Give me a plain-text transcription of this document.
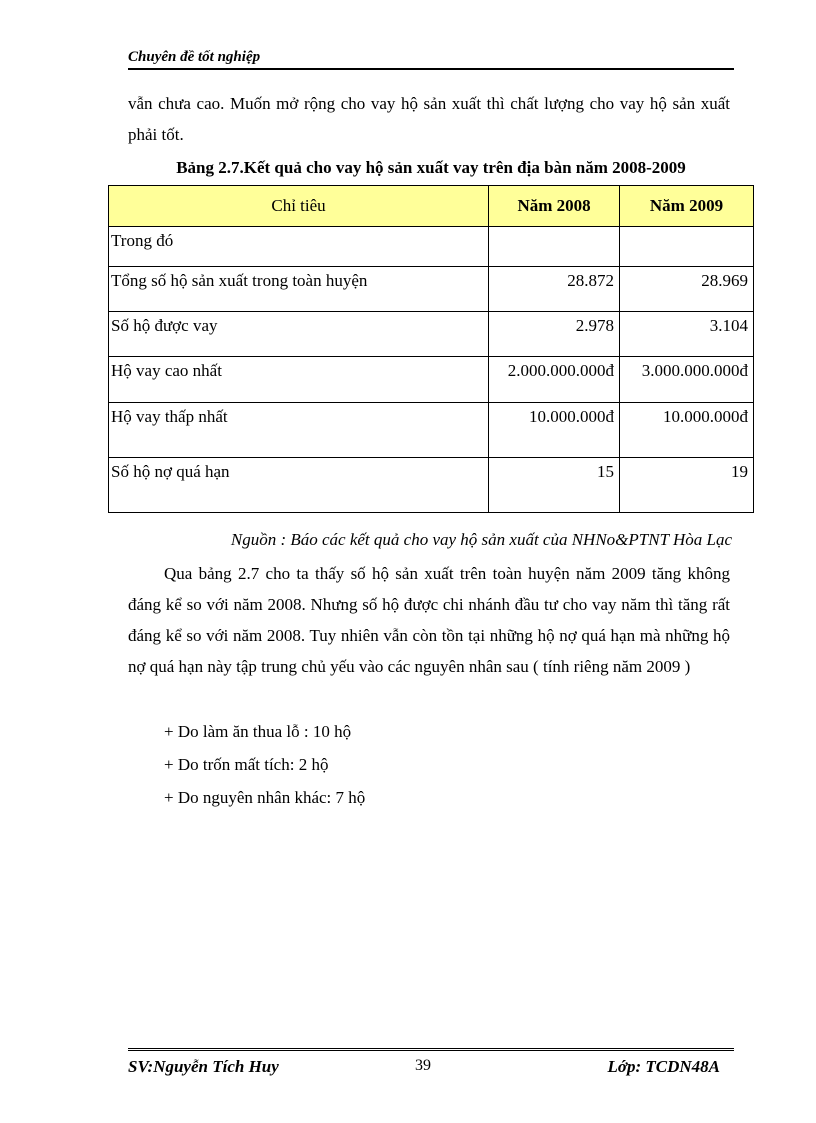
Chuyên đề tốt nghiệp

vẫn chưa cao. Muốn mở rộng cho vay hộ sản xuất thì chất lượng cho vay hộ sản xuất phải tốt.

Bảng 2.7.Kết quả cho vay hộ sản xuất vay trên địa bàn năm 2008-2009
Chỉ tiêu	Năm 2008	Năm 2009
Trong đó		
Tổng số hộ sản xuất trong toàn huyện	28.872	28.969
Số hộ được vay	2.978	3.104
Hộ vay cao nhất	2.000.000.000đ	3.000.000.000đ
Hộ vay thấp nhất	10.000.000đ	10.000.000đ
Số hộ nợ quá hạn	15	19
Nguồn : Báo các kết quả cho vay hộ sản xuất của NHNo&PTNT Hòa Lạc

Qua bảng 2.7 cho ta thấy số hộ sản xuất trên toàn huyện năm 2009 tăng không đáng kể so với năm 2008. Nhưng số hộ được chi nhánh đầu tư cho vay năm thì tăng rất đáng kể so với năm 2008. Tuy nhiên vẫn còn tồn tại những hộ nợ quá hạn mà những hộ nợ quá hạn này tập trung chủ yếu vào các nguyên nhân sau ( tính riêng năm 2009 )

+ Do làm ăn thua lỗ : 10 hộ
+ Do trốn mất tích: 2 hộ
+ Do nguyên nhân khác: 7 hộ
SV:Nguyễn Tích Huy	39	Lớp: TCDN48A
